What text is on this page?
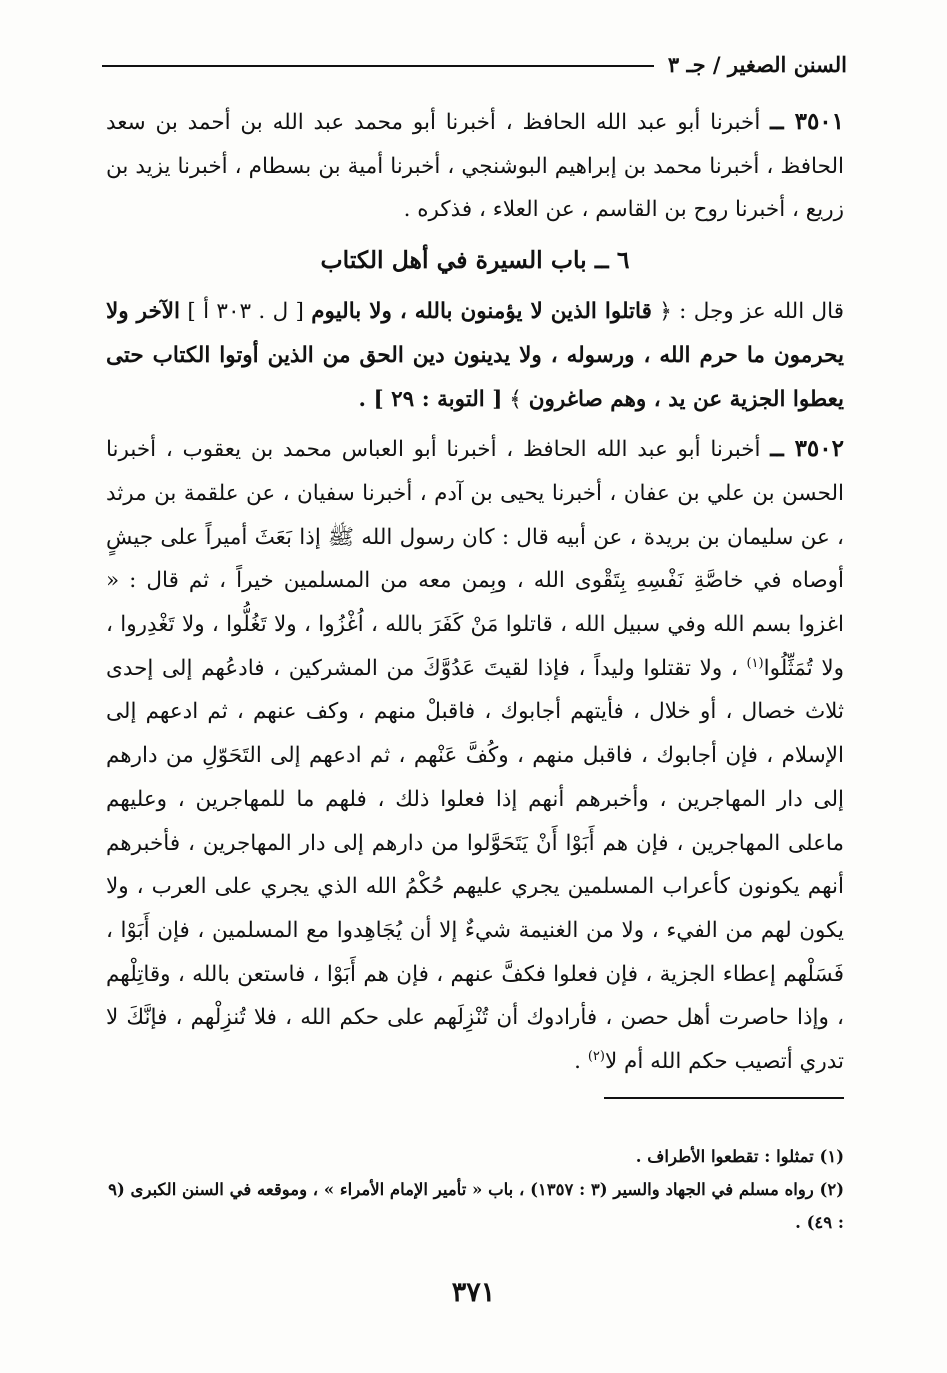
السنن الصغير / جـ ٣

٣٥٠١ ــ أخبرنا أبو عبد الله الحافظ ، أخبرنا أبو محمد عبد الله بن أحمد بن سعد الحافظ ، أخبرنا محمد بن إبراهيم البوشنجي ، أخبرنا أمية بن بسطام ، أخبرنا يزيد بن زريع ، أخبرنا روح بن القاسم ، عن العلاء ، فذكره .

٦ ــ باب السيرة في أهل الكتاب

قال الله عز وجل : ﴿ قاتلوا الذين لا يؤمنون بالله ، ولا باليوم [ ل . ٣٠٣ أ ] الآخر ولا يحرمون ما حرم الله ، ورسوله ، ولا يدينون دين الحق من الذين أوتوا الكتاب حتى يعطوا الجزية عن يد ، وهم صاغرون ﴾ [ التوبة : ٢٩ ] .

٣٥٠٢ ــ أخبرنا أبو عبد الله الحافظ ، أخبرنا أبو العباس محمد بن يعقوب ، أخبرنا الحسن بن علي بن عفان ، أخبرنا يحيى بن آدم ، أخبرنا سفيان ، عن علقمة بن مرثد ، عن سليمان بن بريدة ، عن أبيه قال : كان رسول الله ﷺ إذا بَعَثَ أميراً على جيشٍ أوصاه في خاصَّةِ نَفْسِهِ بِتَقْوى الله ، وبِمن معه من المسلمين خيراً ، ثم قال : « اغزوا بسم الله وفي سبيل الله ، قاتلوا مَنْ كَفَرَ بالله ، اُغْزُوا ، ولا تَغُلُّوا ، ولا تَغْدِروا ، ولا تُمَثِّلُوا$^{(١)}$ ، ولا تقتلوا وليداً ، فإذا لقيتَ عَدُوَّكَ من المشركين ، فادعُهم إلى إحدى ثلاث خصال ، أو خلال ، فأيتهم أجابوك ، فاقبلْ منهم ، وكف عنهم ، ثم ادعهم إلى الإسلام ، فإن أجابوك ، فاقبل منهم ، وكُفَّ عَنْهم ، ثم ادعهم إلى التَحَوّلِ من دارهم إلى دار المهاجرين ، وأخبرهم أنهم إذا فعلوا ذلك ، فلهم ما للمهاجرين ، وعليهم ماعلى المهاجرين ، فإن هم أَبَوْا أَنْ يَتَحَوَّلوا من دارهم إلى دار المهاجرين ، فأخبرهم أنهم يكونون كأعراب المسلمين يجري عليهم حُكْمُ الله الذي يجري على العرب ، ولا يكون لهم من الفيء ، ولا من الغنيمة شيءٌ إلا أن يُجَاهِدوا مع المسلمين ، فإن أَبَوْا ، فَسَلْهم إعطاء الجزية ، فإن فعلوا فكفَّ عنهم ، فإن هم أَبَوْا ، فاستعن بالله ، وقاتِلْهم ، وإذا حاصرت أهل حصن ، فأرادوك أن تُنْزِلَهم على حكم الله ، فلا تُنزِلْهم ، فإنَّكَ لا تدري أتصيب حكم الله أم لا$^{(٢)}$ .

(١) تمثلوا : تقطعوا الأطراف .

(٢) رواه مسلم في الجهاد والسير (٣ : ١٣٥٧) ، باب « تأمير الإمام الأمراء » ، وموقعه في السنن الكبرى (٩ : ٤٩) .

٣٧١
